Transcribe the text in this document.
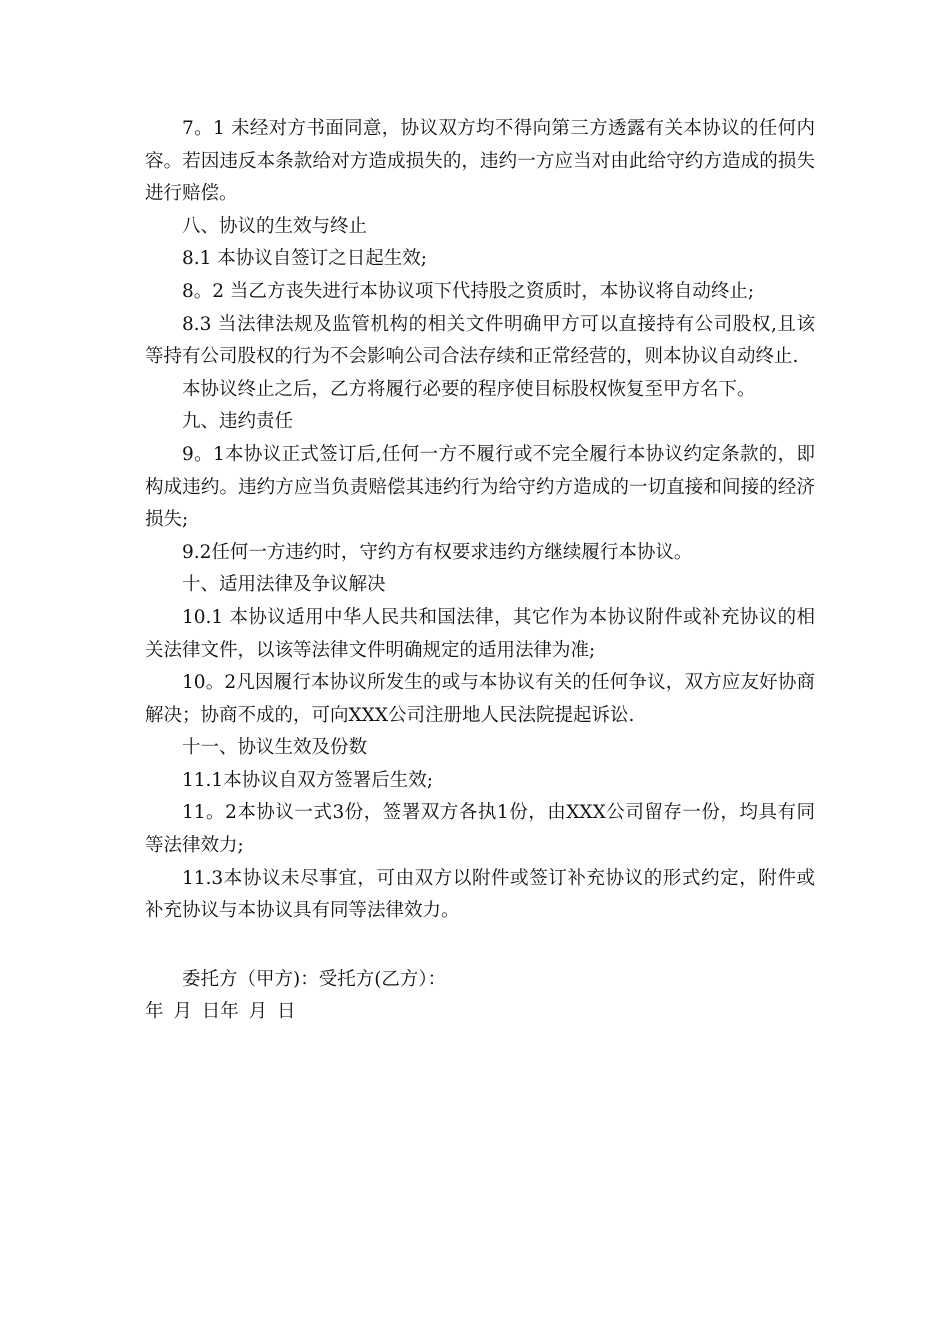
7。1 未经对方书面同意，协议双方均不得向第三方透露有关本协议的任何内容。若因违反本条款给对方造成损失的，违约一方应当对由此给守约方造成的损失进行赔偿。

八、协议的生效与终止

8.1 本协议自签订之日起生效;

8。2 当乙方丧失进行本协议项下代持股之资质时，本协议将自动终止;

8.3 当法律法规及监管机构的相关文件明确甲方可以直接持有公司股权,且该等持有公司股权的行为不会影响公司合法存续和正常经营的，则本协议自动终止.

本协议终止之后，乙方将履行必要的程序使目标股权恢复至甲方名下。

九、违约责任

9。1本协议正式签订后,任何一方不履行或不完全履行本协议约定条款的，即构成违约。违约方应当负责赔偿其违约行为给守约方造成的一切直接和间接的经济损失;

9.2任何一方违约时，守约方有权要求违约方继续履行本协议。

十、适用法律及争议解决

10.1 本协议适用中华人民共和国法律，其它作为本协议附件或补充协议的相关法律文件，以该等法律文件明确规定的适用法律为准;

10。2凡因履行本协议所发生的或与本协议有关的任何争议，双方应友好协商解决；协商不成的，可向XXX公司注册地人民法院提起诉讼.

十一、协议生效及份数

11.1本协议自双方签署后生效;

11。2本协议一式3份，签署双方各执1份，由XXX公司留存一份，均具有同等法律效力;

11.3本协议未尽事宜，可由双方以附件或签订补充协议的形式约定，附件或补充协议与本协议具有同等法律效力。

委托方（甲方)：受托方(乙方）：

年 月 日年 月 日
